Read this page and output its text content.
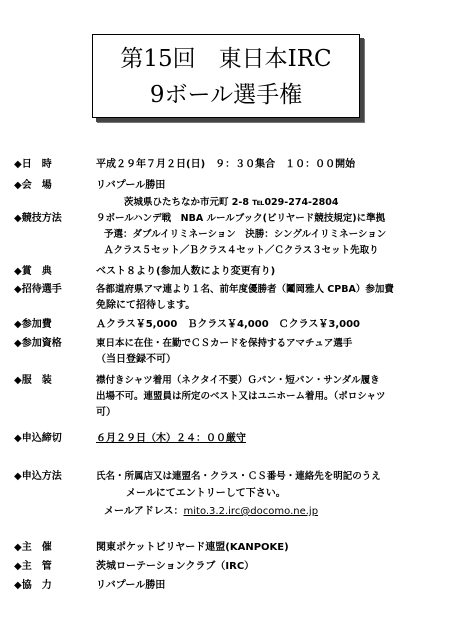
第15回　東日本IRC
9ボール選手権
◆日　時	平成２９年７月２日(日)　９：３０集合　１０：００開始
◆会　場	リバプール勝田
茨城県ひたちなか市元町 2-8 ℡029-274-2804
◆競技方法	９ボールハンデ戦　NBA ルールブック(ビリヤード競技規定)に準拠
予選：ダブルイリミネーション　決勝：シングルイリミネーション
Ａクラス５セット／Ｂクラス４セット／Ｃクラス３セット先取り
◆賞　典	ベスト８より(参加人数により変更有り)
◆招待選手	各都道府県アマ連より１名、前年度優勝者（鬮岡雅人 CPBA）参加費
免除にて招待します。
◆参加費	Ａクラス￥5,000　Ｂクラス￥4,000　Ｃクラス￥3,000
◆参加資格	東日本に在住・在勤でＣＳカードを保持するアマチュア選手
（当日登録不可）
◆服　装	襟付きシャツ着用（ネクタイ不要）Ｇパン・短パン・サンダル履き
出場不可。連盟員は所定のベスト又はユニホーム着用。（ポロシャツ
可）
◆申込締切	６月２９日（木）２４：００厳守
◆申込方法	氏名・所属店又は連盟名・クラス・ＣＳ番号・連絡先を明記のうえ
メールにてエントリーして下さい。
メールアドレス：mito.3.2.irc@docomo.ne.jp
◆主　催	関東ポケットビリヤード連盟(KANPOKE)
◆主　管	茨城ローテーションクラブ（IRC）
◆協　力	リバプール勝田
